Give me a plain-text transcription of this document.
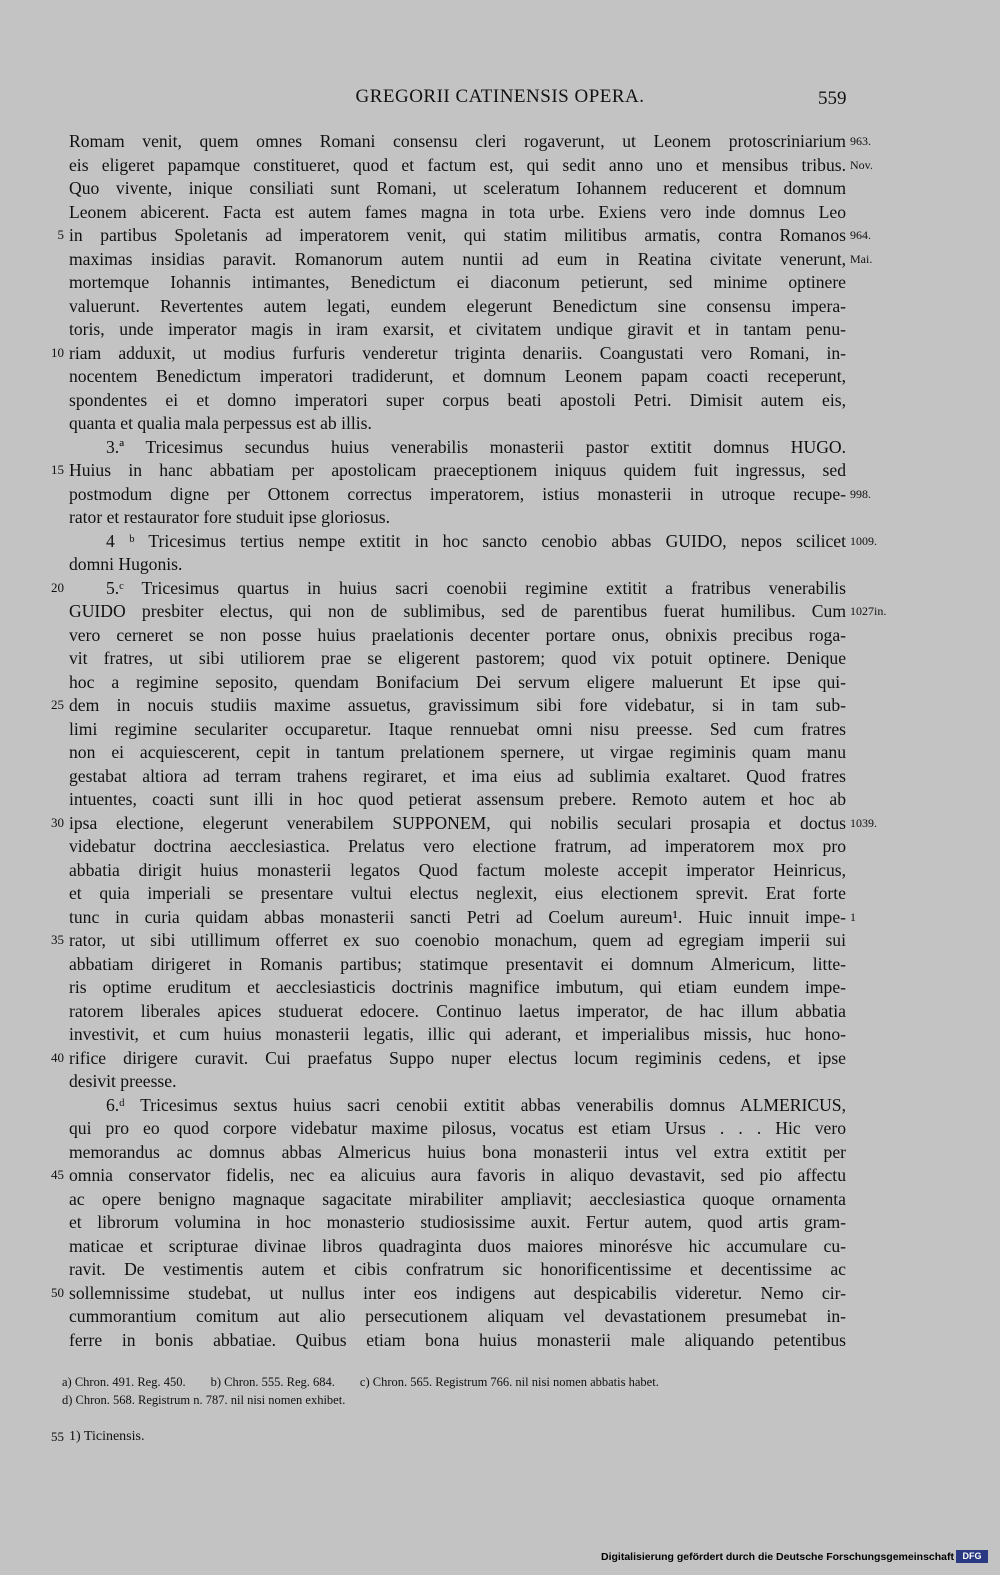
GREGORII CATINENSIS OPERA.	559
Romam venit, quem omnes Romani consensu cleri rogaverunt, ut Leonem protoscriniarium 963.
eis eligeret papamque constitueret, quod et factum est, qui sedit anno uno et mensibus tribus. Nov.
Quo vivente, inique consiliati sunt Romani, ut sceleratum Iohannem reducerent et domnum
Leonem abicerent. Facta est autem fames magna in tota urbe. Exiens vero inde domnus Leo
in partibus Spoletanis ad imperatorem venit, qui statim militibus armatis, contra Romanos
5	964.
maximas insidias paravit. Romanorum autem nuntii ad eum in Reatina civitate venerunt, Mai.
mortemque Iohannis intimantes, Benedictum ei diaconum petierunt, sed minime optinere
valuerunt. Revertentes autem legati, eundem elegerunt Benedictum sine consensu impera-
toris, unde imperator magis in iram exarsit, et civitatem undique giravit et in tantam penu-
riam adduxit, ut modius furfuris venderetur triginta denariis. Coangustati vero Romani, in-
10
nocentem Benedictum imperatori tradiderunt, et domnum Leonem papam coacti receperunt,
spondentes ei et domno imperatori super corpus beati apostoli Petri. Dimisit autem eis,
quanta et qualia mala perpessus est ab illis.
3.ª Tricesimus secundus huius venerabilis monasterii pastor extitit domnus HUGO.
Huius in hanc abbatiam per apostolicam praeceptionem iniquus quidem fuit ingressus, sed
15
postmodum digne per Ottonem correctus imperatorem, istius monasterii in utroque recupe- 998.
rator et restaurator fore studuit ipse gloriosus.
4 ᵇ Tricesimus tertius nempe extitit in hoc sancto cenobio abbas GUIDO, nepos scilicet 1009.
domni Hugonis.
5.ᶜ Tricesimus quartus in huius sacri coenobii regimine extitit a fratribus venerabilis
20
GUIDO presbiter electus, qui non de sublimibus, sed de parentibus fuerat humilibus. Cum 1027in.
vero cerneret se non posse huius praelationis decenter portare onus, obnixis precibus roga-
vit fratres, ut sibi utiliorem prae se eligerent pastorem; quod vix potuit optinere. Denique
hoc a regimine seposito, quendam Bonifacium Dei servum eligere maluerunt Et ipse qui-
dem in nocuis studiis maxime assuetus, gravissimum sibi fore videbatur, si in tam sub-
25
limi regimine seculariter occuparetur. Itaque rennuebat omni nisu preesse. Sed cum fratres
non ei acquiescerent, cepit in tantum prelationem spernere, ut virgae regiminis quam manu
gestabat altiora ad terram trahens regiraret, et ima eius ad sublimia exaltaret. Quod fratres
intuentes, coacti sunt illi in hoc quod petierat assensum prebere. Remoto autem et hoc ab
ipsa electione, elegerunt venerabilem SUPPONEM, qui nobilis seculari prosapia et doctus
30	1039.
videbatur doctrina aecclesiastica. Prelatus vero electione fratrum, ad imperatorem mox pro
abbatia dirigit huius monasterii legatos Quod factum moleste accepit imperator Heinricus,
et quia imperiali se presentare vultui electus neglexit, eius electionem sprevit. Erat forte
tunc in curia quidam abbas monasterii sancti Petri ad Coelum aureum¹. Huic innuit impe- 1
rator, ut sibi utillimum offerret ex suo coenobio monachum, quem ad egregiam imperii sui
35
abbatiam dirigeret in Romanis partibus; statimque presentavit ei domnum Almericum, litte-
ris optime eruditum et aecclesiasticis doctrinis magnifice imbutum, qui etiam eundem impe-
ratorem liberales apices studuerat edocere. Continuo laetus imperator, de hac illum abbatia
investivit, et cum huius monasterii legatis, illic qui aderant, et imperialibus missis, huc hono-
rifice dirigere curavit. Cui praefatus Suppo nuper electus locum regiminis cedens, et ipse
40
desivit preesse.
6.ᵈ Tricesimus sextus huius sacri cenobii extitit abbas venerabilis domnus ALMERICUS,
qui pro eo quod corpore videbatur maxime pilosus, vocatus est etiam Ursus . . . Hic vero
memorandus ac domnus abbas Almericus huius bona monasterii intus vel extra extitit per
omnia conservator fidelis, nec ea alicuius aura favoris in aliquo devastavit, sed pio affectu
45
ac opere benigno magnaque sagacitate mirabiliter ampliavit; aecclesiastica quoque ornamenta
et librorum volumina in hoc monasterio studiosissime auxit. Fertur autem, quod artis gram-
maticae et scripturae divinae libros quadraginta duos maiores minorésve hic accumulare cu-
ravit. De vestimentis autem et cibis confratrum sic honorificentissime et decentissime ac
sollemnissime studebat, ut nullus inter eos indigens aut despicabilis videretur. Nemo cir-
50
cummorantium comitum aut alio persecutionem aliquam vel devastationem presumebat in-
ferre in bonis abbatiae. Quibus etiam bona huius monasterii male aliquando petentibus
a) Chron. 491. Reg. 450.        b) Chron. 555. Reg. 684.        c) Chron. 565. Registrum 766. nil nisi nomen abbatis habet.
d) Chron. 568. Registrum n. 787. nil nisi nomen exhibet.
55 1) Ticinensis.
Digitalisierung gefördert durch die Deutsche Forschungsgemeinschaft DFG
